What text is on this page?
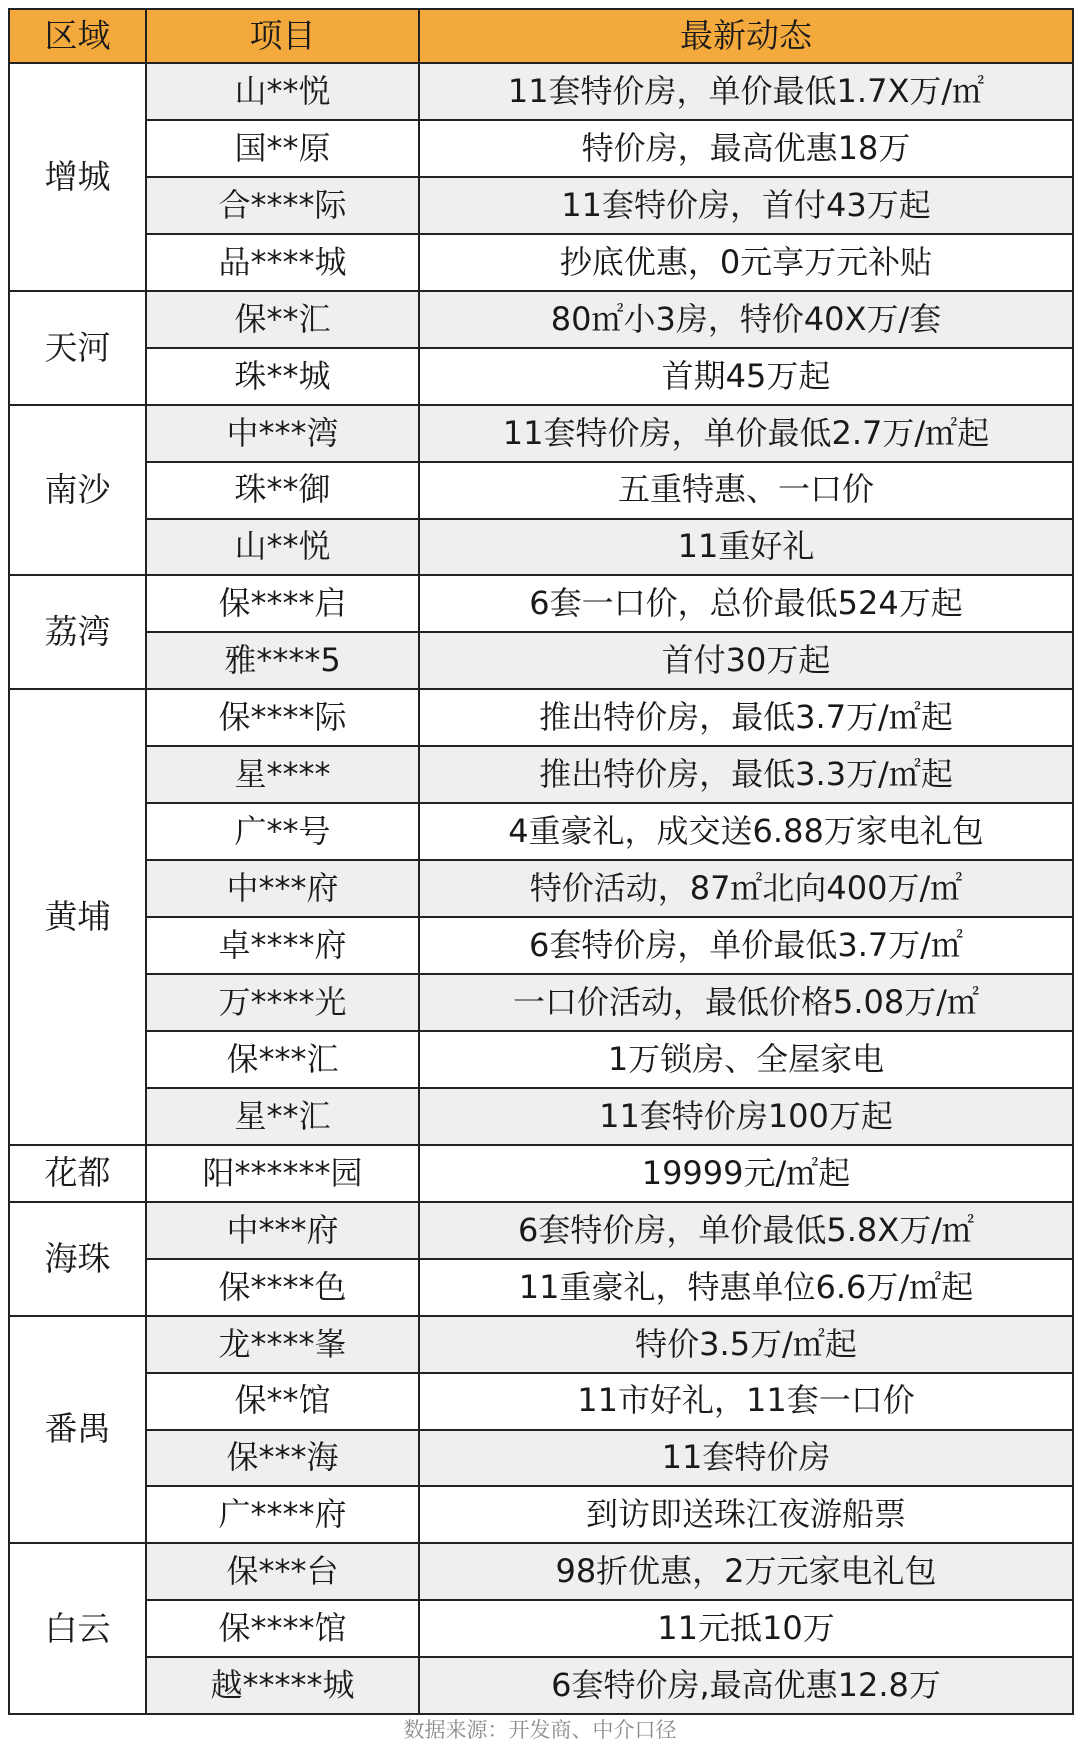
区域	项目	最新动态
增城	山**悦	11套特价房，单价最低1.7X万/㎡
	国**原	特价房，最高优惠18万
	合****际	11套特价房，首付43万起
	品****城	抄底优惠，0元享万元补贴
天河	保**汇	80㎡小3房，特价40X万/套
	珠**城	首期45万起
南沙	中***湾	11套特价房，单价最低2.7万/㎡起
	珠**御	五重特惠、一口价
	山**悦	11重好礼
荔湾	保****启	6套一口价，总价最低524万起
	雅****5	首付30万起
黄埔	保****际	推出特价房，最低3.7万/㎡起
	星****	推出特价房，最低3.3万/㎡起
	广**号	4重豪礼，成交送6.88万家电礼包
	中***府	特价活动，87㎡北向400万/㎡
	卓****府	6套特价房，单价最低3.7万/㎡
	万****光	一口价活动，最低价格5.08万/㎡
	保***汇	1万锁房、全屋家电
	星**汇	11套特价房100万起
花都	阳******园	19999元/㎡起
海珠	中***府	6套特价房，单价最低5.8X万/㎡
	保****色	11重豪礼，特惠单位6.6万/㎡起
番禺	龙****峯	特价3.5万/㎡起
	保**馆	11市好礼，11套一口价
	保***海	11套特价房
	广****府	到访即送珠江夜游船票
白云	保***台	98折优惠，2万元家电礼包
	保****馆	11元抵10万
	越*****城	6套特价房,最高优惠12.8万
数据来源：开发商、中介口径
